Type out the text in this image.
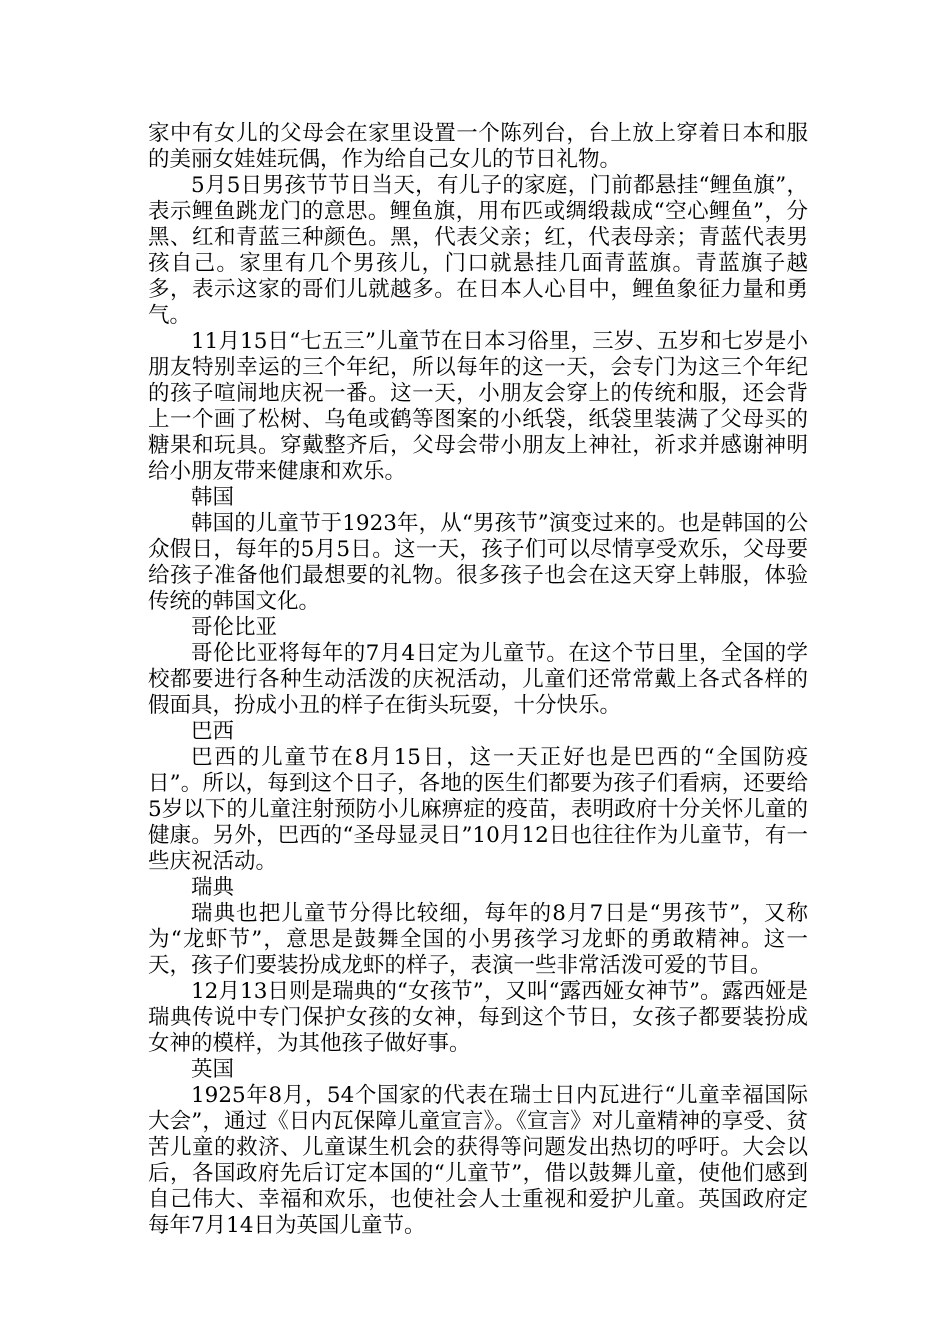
家中有女儿的父母会在家里设置一个陈列台，台上放上穿着日本和服的美丽女娃娃玩偶，作为给自己女儿的节日礼物。

5月5日男孩节节日当天，有儿子的家庭，门前都悬挂“鲤鱼旗”，表示鲤鱼跳龙门的意思。鲤鱼旗，用布匹或绸缎裁成“空心鲤鱼”，分黑、红和青蓝三种颜色。黑，代表父亲；红，代表母亲；青蓝代表男孩自己。家里有几个男孩儿，门口就悬挂几面青蓝旗。青蓝旗子越多，表示这家的哥们儿就越多。在日本人心目中，鲤鱼象征力量和勇气。

11月15日“七五三”儿童节在日本习俗里，三岁、五岁和七岁是小朋友特别幸运的三个年纪，所以每年的这一天，会专门为这三个年纪的孩子喧闹地庆祝一番。这一天，小朋友会穿上的传统和服，还会背上一个画了松树、乌龟或鹤等图案的小纸袋，纸袋里装满了父母买的糖果和玩具。穿戴整齐后，父母会带小朋友上神社，祈求并感谢神明给小朋友带来健康和欢乐。

韩国

韩国的儿童节于1923年，从“男孩节”演变过来的。也是韩国的公众假日，每年的5月5日。这一天，孩子们可以尽情享受欢乐，父母要给孩子准备他们最想要的礼物。很多孩子也会在这天穿上韩服，体验传统的韩国文化。

哥伦比亚

哥伦比亚将每年的7月4日定为儿童节。在这个节日里，全国的学校都要进行各种生动活泼的庆祝活动，儿童们还常常戴上各式各样的假面具，扮成小丑的样子在街头玩耍，十分快乐。

巴西

巴西的儿童节在8月15日，这一天正好也是巴西的“全国防疫日”。所以，每到这个日子，各地的医生们都要为孩子们看病，还要给5岁以下的儿童注射预防小儿麻痹症的疫苗，表明政府十分关怀儿童的健康。另外，巴西的“圣母显灵日”10月12日也往往作为儿童节，有一些庆祝活动。

瑞典

瑞典也把儿童节分得比较细，每年的8月7日是“男孩节”，又称为“龙虾节”，意思是鼓舞全国的小男孩学习龙虾的勇敢精神。这一天，孩子们要装扮成龙虾的样子，表演一些非常活泼可爱的节目。

12月13日则是瑞典的“女孩节”，又叫“露西娅女神节”。露西娅是瑞典传说中专门保护女孩的女神，每到这个节日，女孩子都要装扮成女神的模样，为其他孩子做好事。

英国

1925年8月，54个国家的代表在瑞士日内瓦进行“儿童幸福国际大会”，通过《日内瓦保障儿童宣言》。《宣言》对儿童精神的享受、贫苦儿童的救济、儿童谋生机会的获得等问题发出热切的呼吁。大会以后，各国政府先后订定本国的“儿童节”，借以鼓舞儿童，使他们感到自己伟大、幸福和欢乐，也使社会人士重视和爱护儿童。英国政府定每年7月14日为英国儿童节。
